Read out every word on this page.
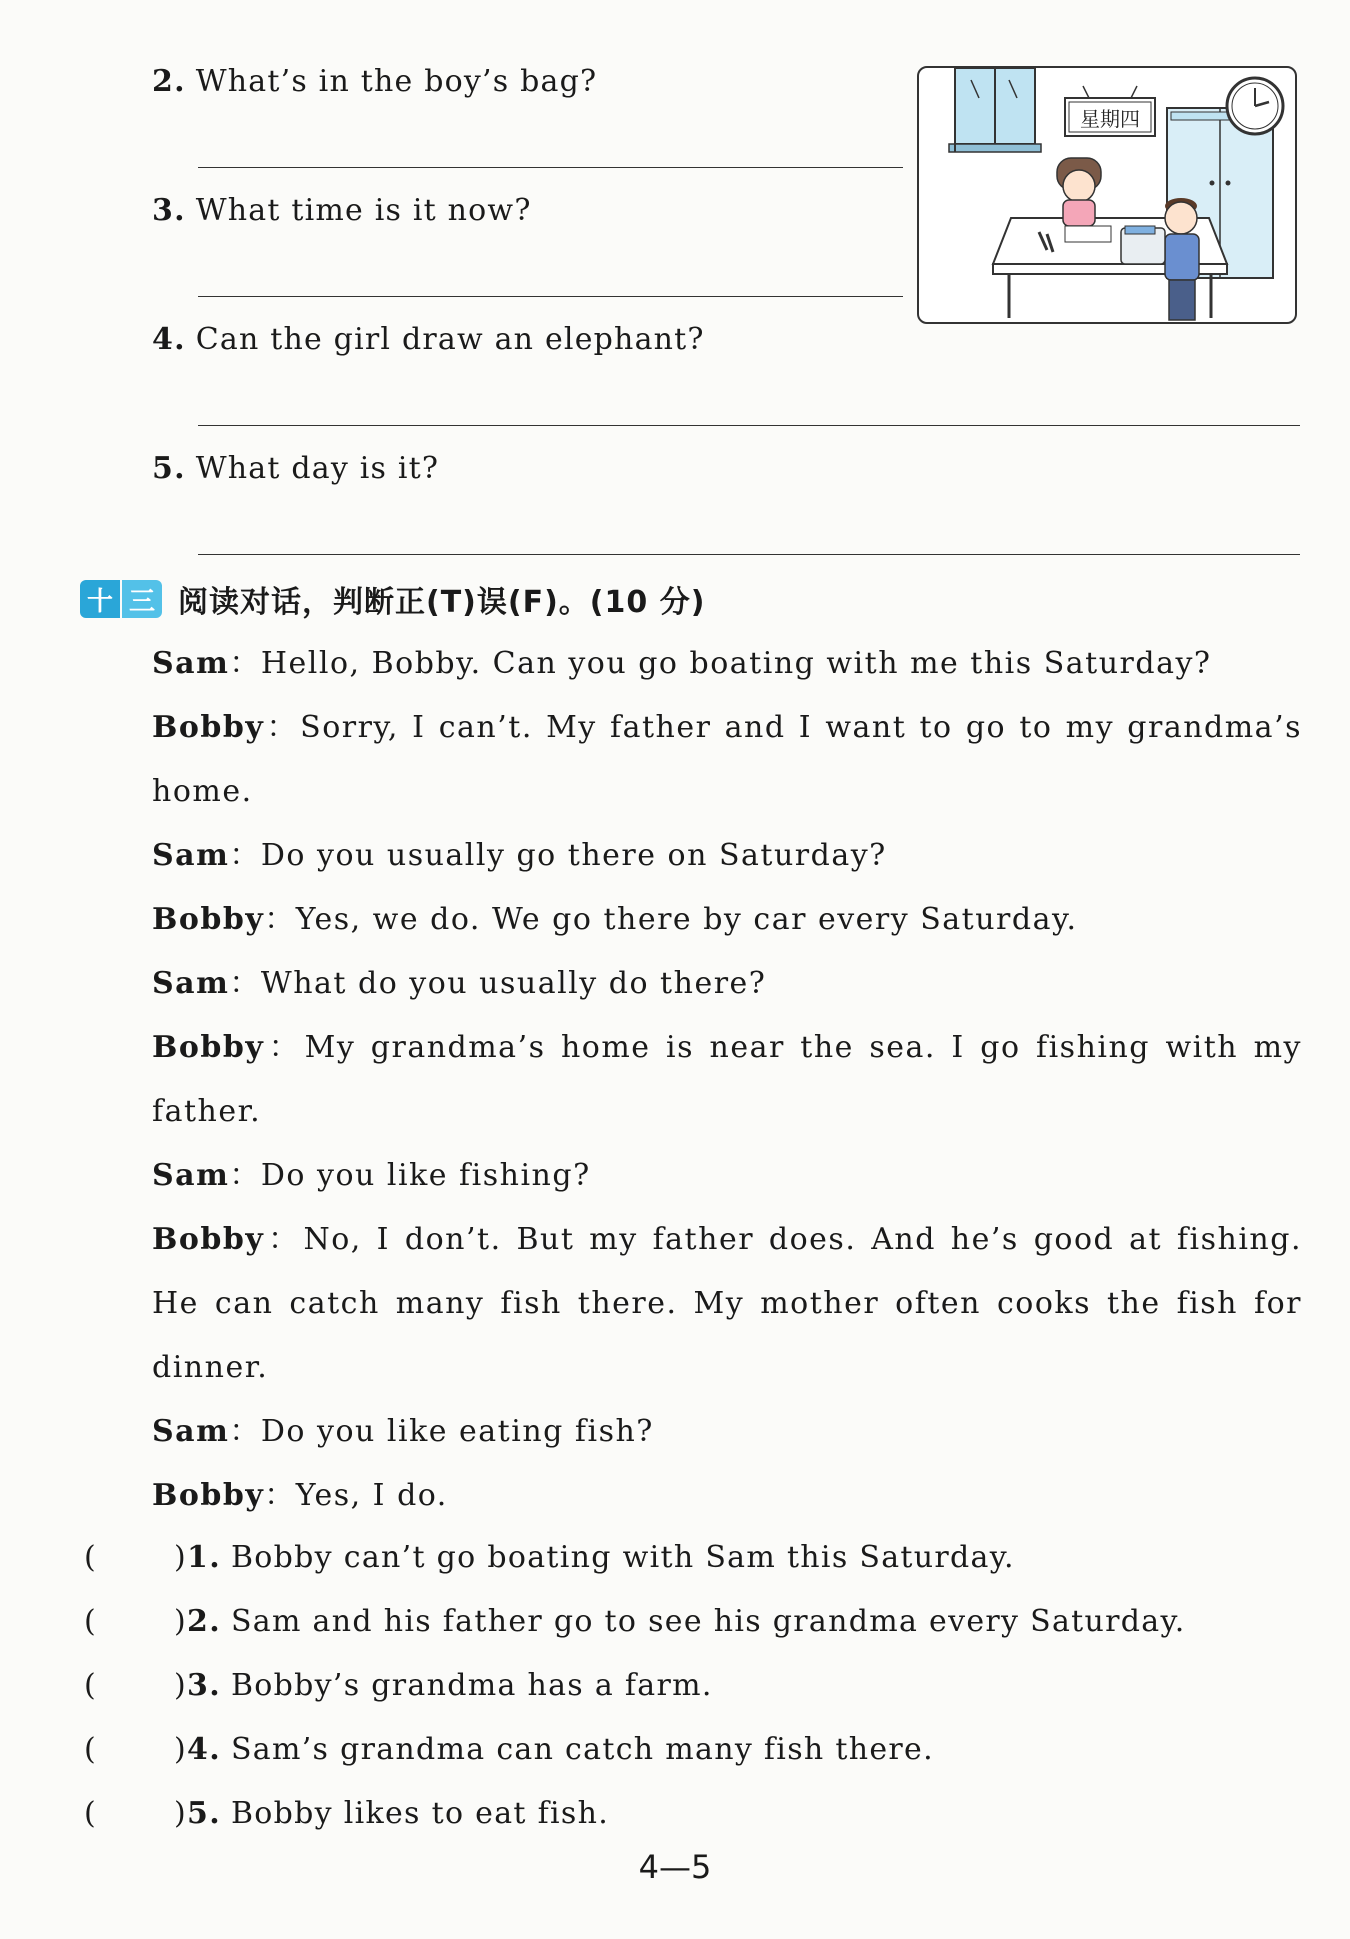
2. What’s in the boy’s bag?
3. What time is it now?
4. Can the girl draw an elephant?
5. What day is it?
星期四
十 三 阅读对话，判断正(T)误(F)。(10 分)
Sam：Hello, Bobby. Can you go boating with me this Saturday?
Bobby：Sorry, I can’t. My father and I want to go to my grandma’s home.
Sam：Do you usually go there on Saturday?
Bobby：Yes, we do. We go there by car every Saturday.
Sam：What do you usually do there?
Bobby：My grandma’s home is near the sea. I go fishing with my father.
Sam：Do you like fishing?
Bobby：No, I don’t. But my father does. And he’s good at fishing. He can catch many fish there. My mother often cooks the fish for dinner.
Sam：Do you like eating fish?
Bobby：Yes, I do.
(	)1. Bobby can’t go boating with Sam this Saturday.
(	)2. Sam and his father go to see his grandma every Saturday.
(	)3. Bobby’s grandma has a farm.
(	)4. Sam’s grandma can catch many fish there.
(	)5. Bobby likes to eat fish.
4—5
